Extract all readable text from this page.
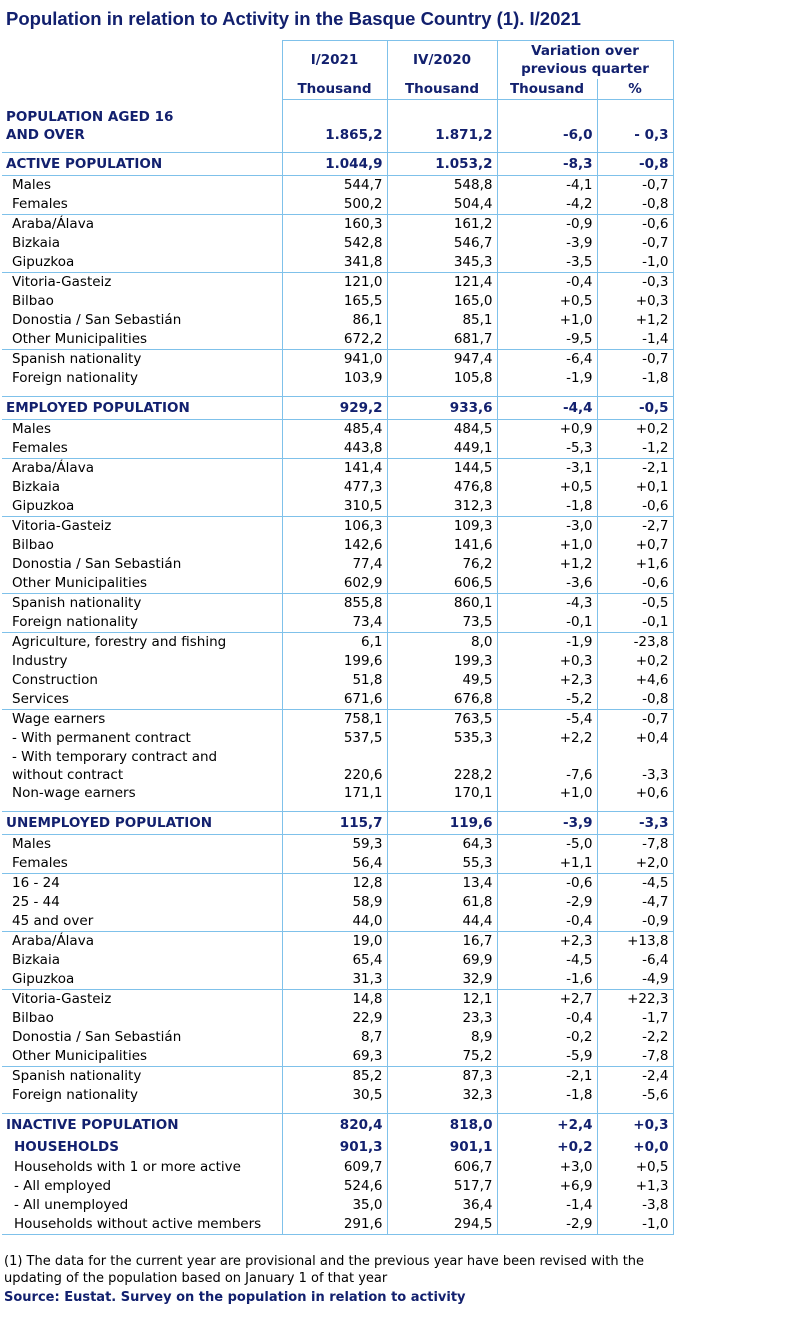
Population in relation to Activity in the Basque Country (1). I/2021
	I/2021	IV/2020	Variation over previous quarter	
	Thousand	Thousand	Thousand	%

POPULATION AGED 16				
AND OVER	1.865,2	1.871,2	-6,0	- 0,3

ACTIVE POPULATION	1.044,9	1.053,2	-8,3	-0,8
Males	544,7	548,8	-4,1	-0,7
Females	500,2	504,4	-4,2	-0,8
Araba/Álava	160,3	161,2	-0,9	-0,6
Bizkaia	542,8	546,7	-3,9	-0,7
Gipuzkoa	341,8	345,3	-3,5	-1,0
Vitoria-Gasteiz	121,0	121,4	-0,4	-0,3
Bilbao	165,5	165,0	+0,5	+0,3
Donostia / San Sebastián	86,1	85,1	+1,0	+1,2
Other Municipalities	672,2	681,7	-9,5	-1,4
Spanish nationality	941,0	947,4	-6,4	-0,7
Foreign nationality	103,9	105,8	-1,9	-1,8

EMPLOYED POPULATION	929,2	933,6	-4,4	-0,5
Males	485,4	484,5	+0,9	+0,2
Females	443,8	449,1	-5,3	-1,2
Araba/Álava	141,4	144,5	-3,1	-2,1
Bizkaia	477,3	476,8	+0,5	+0,1
Gipuzkoa	310,5	312,3	-1,8	-0,6
Vitoria-Gasteiz	106,3	109,3	-3,0	-2,7
Bilbao	142,6	141,6	+1,0	+0,7
Donostia / San Sebastián	77,4	76,2	+1,2	+1,6
Other Municipalities	602,9	606,5	-3,6	-0,6
Spanish nationality	855,8	860,1	-4,3	-0,5
Foreign nationality	73,4	73,5	-0,1	-0,1
Agriculture, forestry and fishing	6,1	8,0	-1,9	-23,8
Industry	199,6	199,3	+0,3	+0,2
Construction	51,8	49,5	+2,3	+4,6
Services	671,6	676,8	-5,2	-0,8
Wage earners	758,1	763,5	-5,4	-0,7
- With permanent contract	537,5	535,3	+2,2	+0,4
- With temporary contract and				
without contract	220,6	228,2	-7,6	-3,3
Non-wage earners	171,1	170,1	+1,0	+0,6

UNEMPLOYED POPULATION	115,7	119,6	-3,9	-3,3
Males	59,3	64,3	-5,0	-7,8
Females	56,4	55,3	+1,1	+2,0
16 - 24	12,8	13,4	-0,6	-4,5
25 - 44	58,9	61,8	-2,9	-4,7
45 and over	44,0	44,4	-0,4	-0,9
Araba/Álava	19,0	16,7	+2,3	+13,8
Bizkaia	65,4	69,9	-4,5	-6,4
Gipuzkoa	31,3	32,9	-1,6	-4,9
Vitoria-Gasteiz	14,8	12,1	+2,7	+22,3
Bilbao	22,9	23,3	-0,4	-1,7
Donostia / San Sebastián	8,7	8,9	-0,2	-2,2
Other Municipalities	69,3	75,2	-5,9	-7,8
Spanish nationality	85,2	87,3	-2,1	-2,4
Foreign nationality	30,5	32,3	-1,8	-5,6

INACTIVE POPULATION	820,4	818,0	+2,4	+0,3
HOUSEHOLDS	901,3	901,1	+0,2	+0,0
Households with 1 or more active	609,7	606,7	+3,0	+0,5
- All employed	524,6	517,7	+6,9	+1,3
- All unemployed	35,0	36,4	-1,4	-3,8
Households without active members	291,6	294,5	-2,9	-1,0
(1) The data for the current year are provisional and the previous year have been revised with the updating of the population based on January 1 of that year
Source: Eustat. Survey on the population in relation to activity
